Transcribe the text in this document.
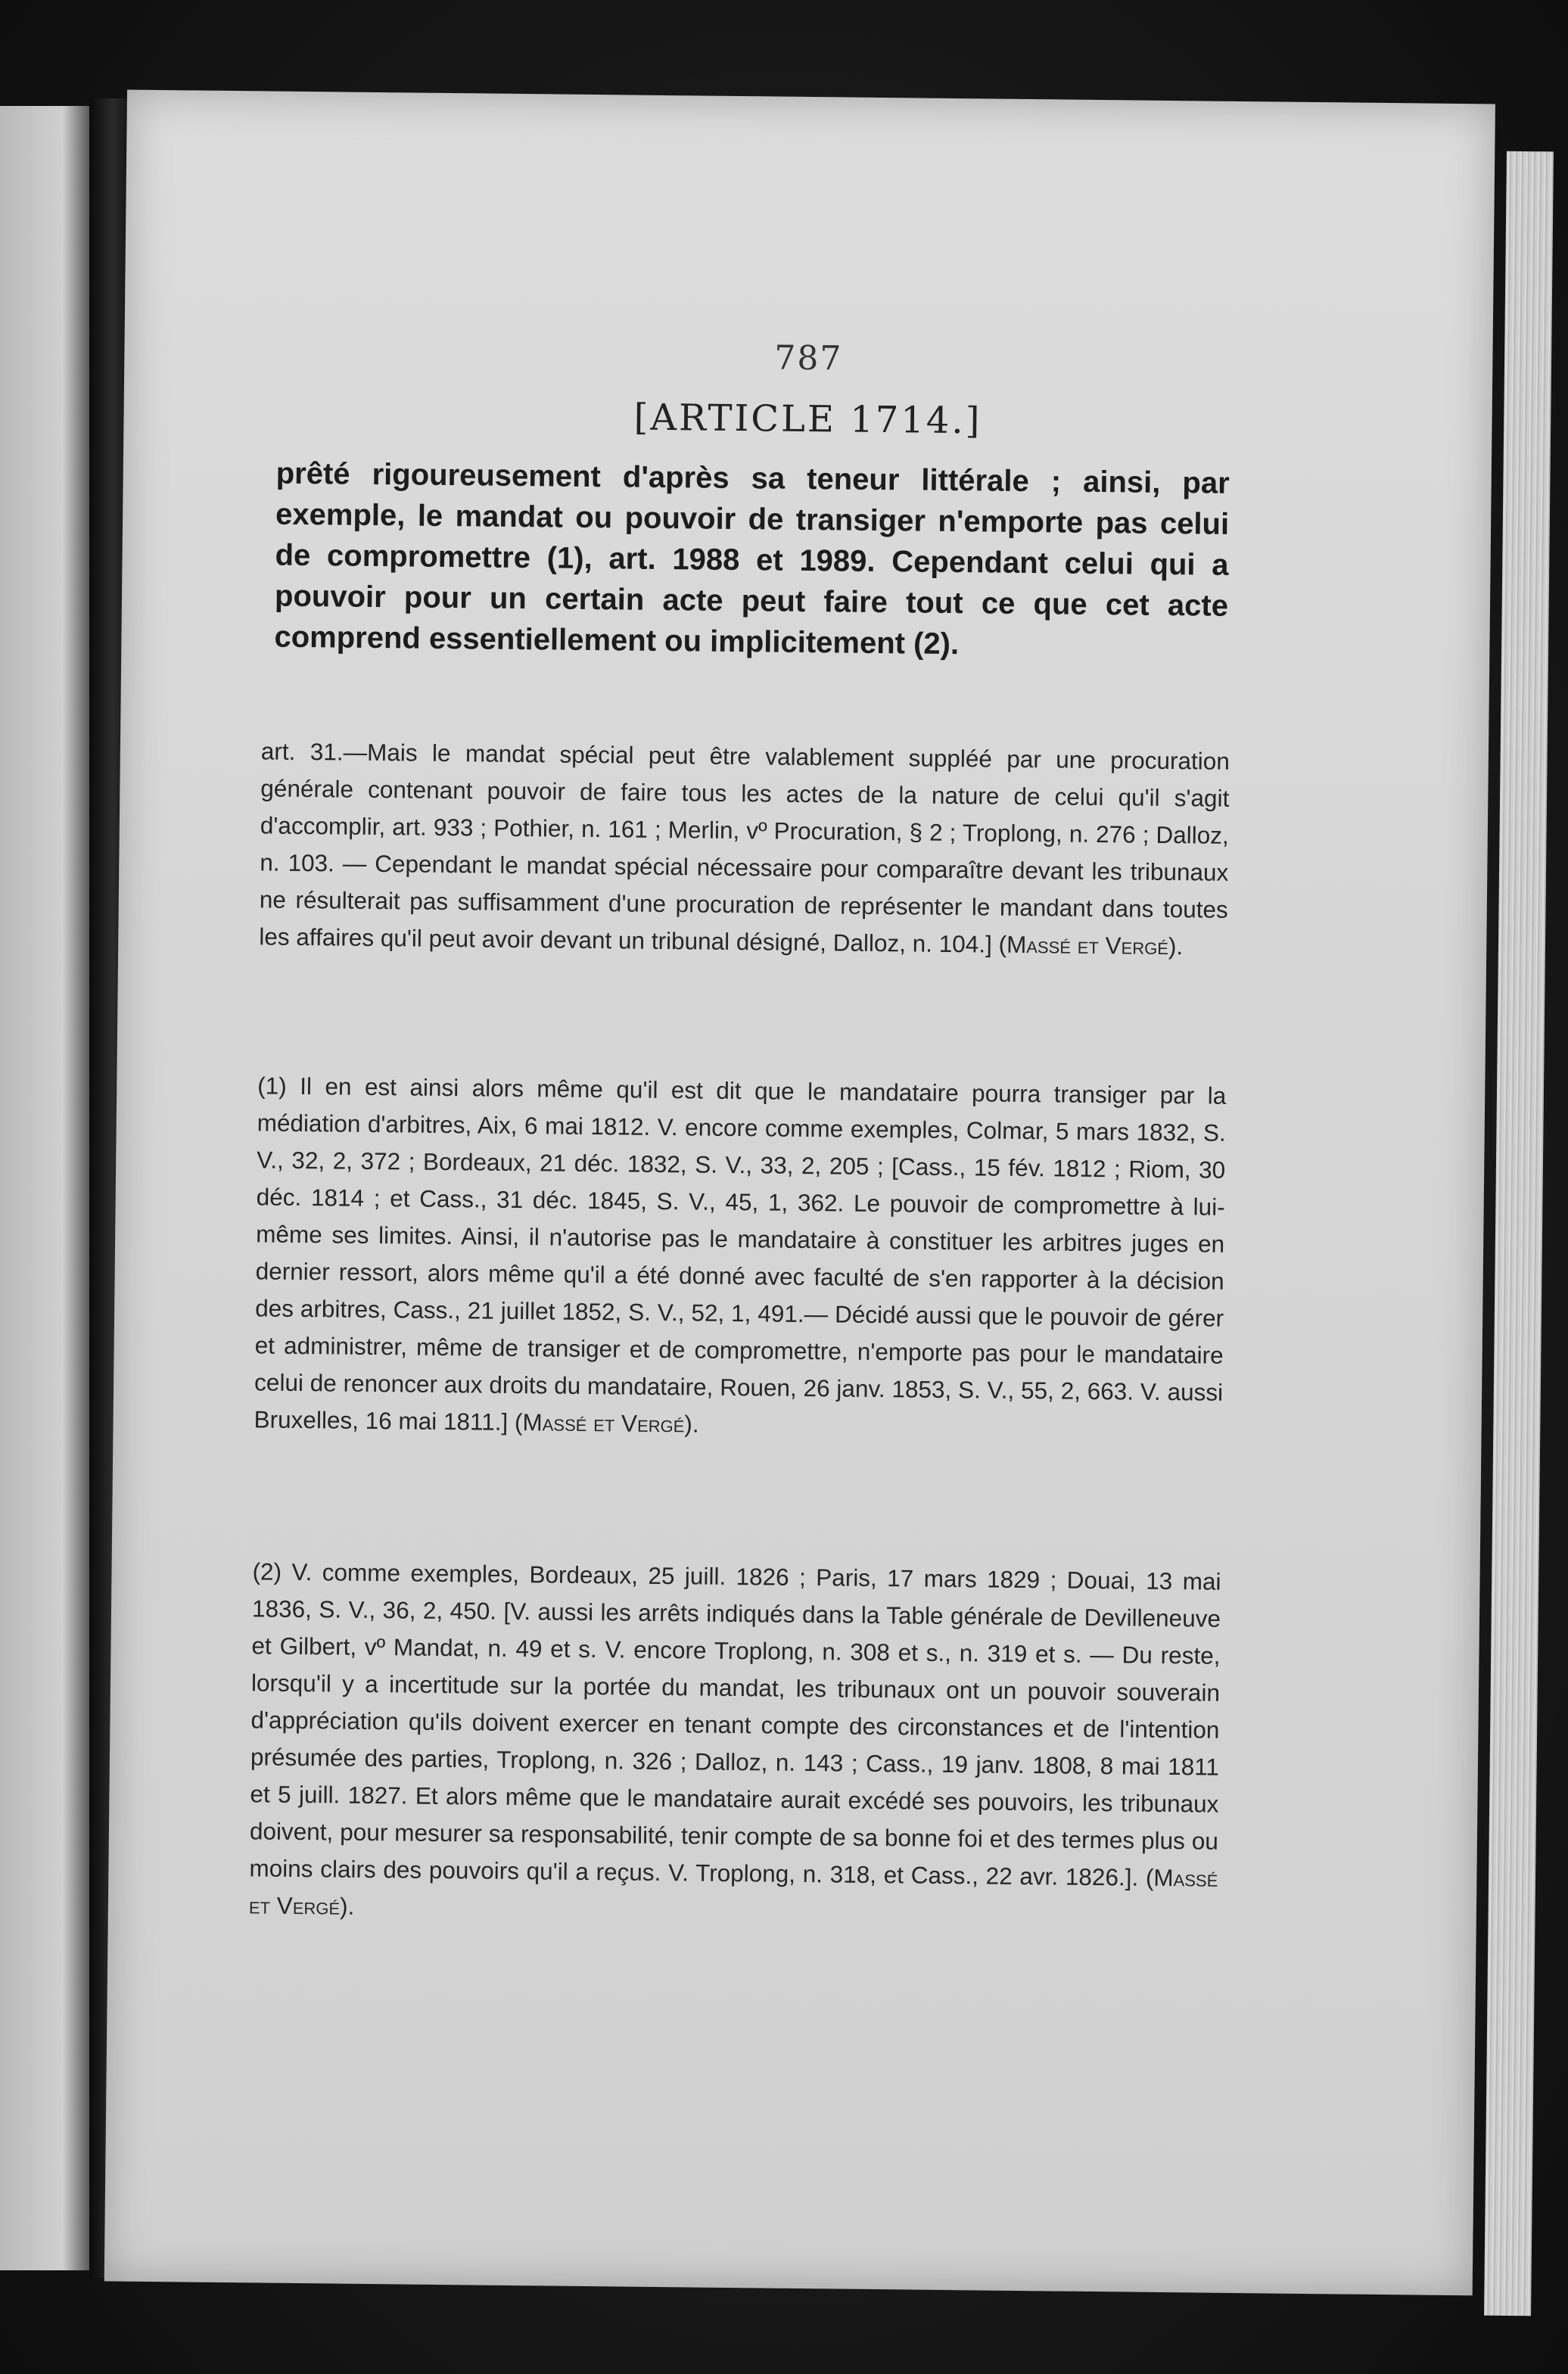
787
[ARTICLE 1714.]

prêté rigoureusement d'après sa teneur littérale ; ainsi, par exemple, le mandat ou pouvoir de transiger n'emporte pas celui de compromettre (1), art. 1988 et 1989. Cependant celui qui a pouvoir pour un certain acte peut faire tout ce que cet acte comprend essentiellement ou implicitement (2).

art. 31.—Mais le mandat spécial peut être valablement suppléé par une procuration générale contenant pouvoir de faire tous les actes de la nature de celui qu'il s'agit d'accomplir, art. 933 ; Pothier, n. 161 ; Merlin, vº Procuration, § 2 ; Troplong, n. 276 ; Dalloz, n. 103. — Cependant le mandat spécial nécessaire pour comparaître devant les tribunaux ne résulterait pas suffisamment d'une procuration de représenter le mandant dans toutes les affaires qu'il peut avoir devant un tribunal désigné, Dalloz, n. 104.] (Massé et Vergé).

(1) Il en est ainsi alors même qu'il est dit que le mandataire pourra transiger par la médiation d'arbitres, Aix, 6 mai 1812. V. encore comme exemples, Colmar, 5 mars 1832, S. V., 32, 2, 372 ; Bordeaux, 21 déc. 1832, S. V., 33, 2, 205 ; [Cass., 15 fév. 1812 ; Riom, 30 déc. 1814 ; et Cass., 31 déc. 1845, S. V., 45, 1, 362. Le pouvoir de compromettre à lui-même ses limites. Ainsi, il n'autorise pas le mandataire à constituer les arbitres juges en dernier ressort, alors même qu'il a été donné avec faculté de s'en rapporter à la décision des arbitres, Cass., 21 juillet 1852, S. V., 52, 1, 491.— Décidé aussi que le pouvoir de gérer et administrer, même de transiger et de compromettre, n'emporte pas pour le mandataire celui de renoncer aux droits du mandataire, Rouen, 26 janv. 1853, S. V., 55, 2, 663. V. aussi Bruxelles, 16 mai 1811.] (Massé et Vergé).

(2) V. comme exemples, Bordeaux, 25 juill. 1826 ; Paris, 17 mars 1829 ; Douai, 13 mai 1836, S. V., 36, 2, 450. [V. aussi les arrêts indiqués dans la Table générale de Devilleneuve et Gilbert, vº Mandat, n. 49 et s. V. encore Troplong, n. 308 et s., n. 319 et s. — Du reste, lorsqu'il y a incertitude sur la portée du mandat, les tribunaux ont un pouvoir souverain d'appréciation qu'ils doivent exercer en tenant compte des circonstances et de l'intention présumée des parties, Troplong, n. 326 ; Dalloz, n. 143 ; Cass., 19 janv. 1808, 8 mai 1811 et 5 juill. 1827. Et alors même que le mandataire aurait excédé ses pouvoirs, les tribunaux doivent, pour mesurer sa responsabilité, tenir compte de sa bonne foi et des termes plus ou moins clairs des pouvoirs qu'il a reçus. V. Troplong, n. 318, et Cass., 22 avr. 1826.]. (Massé et Vergé).
